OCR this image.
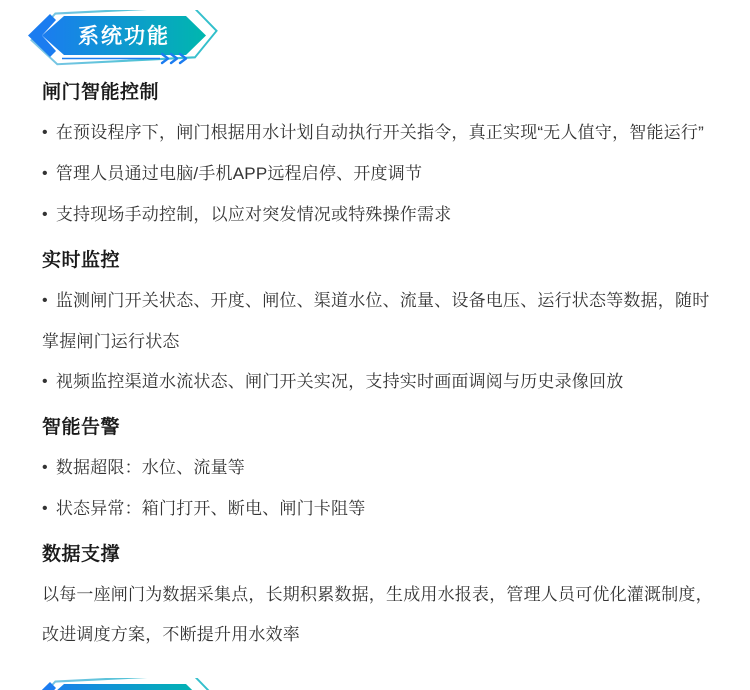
系统功能
闸门智能控制

• 在预设程序下，闸门根据用水计划自动执行开关指令，真正实现“无人值守，智能运行”

• 管理人员通过电脑/手机APP远程启停、开度调节

• 支持现场手动控制，以应对突发情况或特殊操作需求

实时监控

• 监测闸门开关状态、开度、闸位、渠道水位、流量、设备电压、运行状态等数据，随时掌握闸门运行状态

• 视频监控渠道水流状态、闸门开关实况，支持实时画面调阅与历史录像回放

智能告警

• 数据超限：水位、流量等

• 状态异常：箱门打开、断电、闸门卡阻等

数据支撑

以每一座闸门为数据采集点，长期积累数据，生成用水报表，管理人员可优化灌溉制度，改进调度方案，不断提升用水效率
